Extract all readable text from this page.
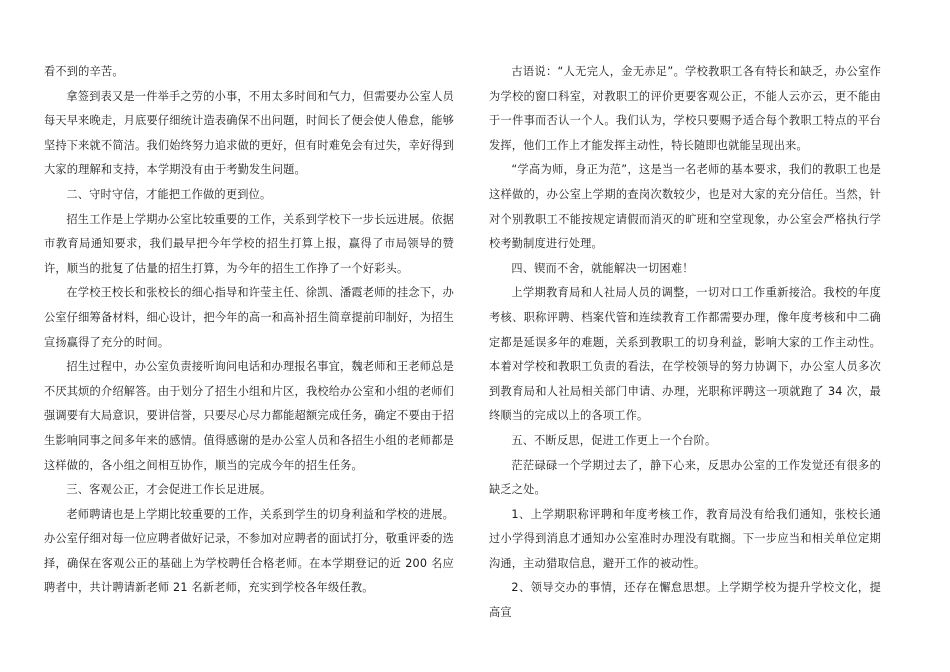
看不到的辛苦。

拿签到表又是一件举手之劳的小事，不用太多时间和气力，但需要办公室人员每天早来晚走，月底要仔细统计造表确保不出问题，时间长了便会使人倦怠，能够坚持下来就不简洁。我们始终努力追求做的更好，但有时难免会有过失，幸好得到大家的理解和支持，本学期没有由于考勤发生问题。

二、守时守信，才能把工作做的更到位。

招生工作是上学期办公室比较重要的工作，关系到学校下一步长远进展。依据市教育局通知要求，我们最早把今年学校的招生打算上报，赢得了市局领导的赞许，顺当的批复了估量的招生打算，为今年的招生工作挣了一个好彩头。

在学校王校长和张校长的细心指导和许莹主任、徐凯、潘霞老师的挂念下，办公室仔细筹备材料，细心设计，把今年的高一和高补招生简章提前印制好，为招生宣扬赢得了充分的时间。

招生过程中，办公室负责接听询问电话和办理报名事宜，魏老师和王老师总是不厌其烦的介绍解答。由于划分了招生小组和片区，我校给办公室和小组的老师们强调要有大局意识，要讲信誉，只要尽心尽力都能超额完成任务，确定不要由于招生影响同事之间多年来的感情。值得感谢的是办公室人员和各招生小组的老师都是这样做的，各小组之间相互协作，顺当的完成今年的招生任务。

三、客观公正，才会促进工作长足进展。

老师聘请也是上学期比较重要的工作，关系到学生的切身利益和学校的进展。办公室仔细对每一位应聘者做好记录，不参加对应聘者的面试打分，敬重评委的选择，确保在客观公正的基础上为学校聘任合格老师。在本学期登记的近 200 名应聘者中，共计聘请新老师 21 名新老师，充实到学校各年级任教。

古语说：“人无完人，金无赤足”。学校教职工各有特长和缺乏，办公室作为学校的窗口科室，对教职工的评价更要客观公正，不能人云亦云，更不能由于一件事而否认一个人。我们认为，学校只要赐予适合每个教职工特点的平台发挥，他们工作上才能发挥主动性，特长随即也就能呈现出来。

“学高为师，身正为范”，这是当一名老师的基本要求，我们的教职工也是这样做的，办公室上学期的查岗次数较少，也是对大家的充分信任。当然，针对个别教职工不能按规定请假而消灭的旷班和空堂现象，办公室会严格执行学校考勤制度进行处理。

四、锲而不舍，就能解决一切困难！

上学期教育局和人社局人员的调整，一切对口工作重新接洽。我校的年度考核、职称评聘、档案代管和连续教育工作都需要办理，像年度考核和中二确定都是延误多年的难题，关系到教职工的切身利益，影响大家的工作主动性。本着对学校和教职工负责的看法，在学校领导的努力协调下，办公室人员多次到教育局和人社局相关部门申请、办理，光职称评聘这一项就跑了 34 次，最终顺当的完成以上的各项工作。

五、不断反思，促进工作更上一个台阶。

茫茫碌碌一个学期过去了，静下心来，反思办公室的工作发觉还有很多的缺乏之处。

1、上学期职称评聘和年度考核工作，教育局没有给我们通知，张校长通过小学得到消息才通知办公室准时办理没有耽搁。下一步应当和相关单位定期沟通，主动猎取信息，避开工作的被动性。

2、领导交办的事情，还存在懈怠思想。上学期学校为提升学校文化，提高宣
